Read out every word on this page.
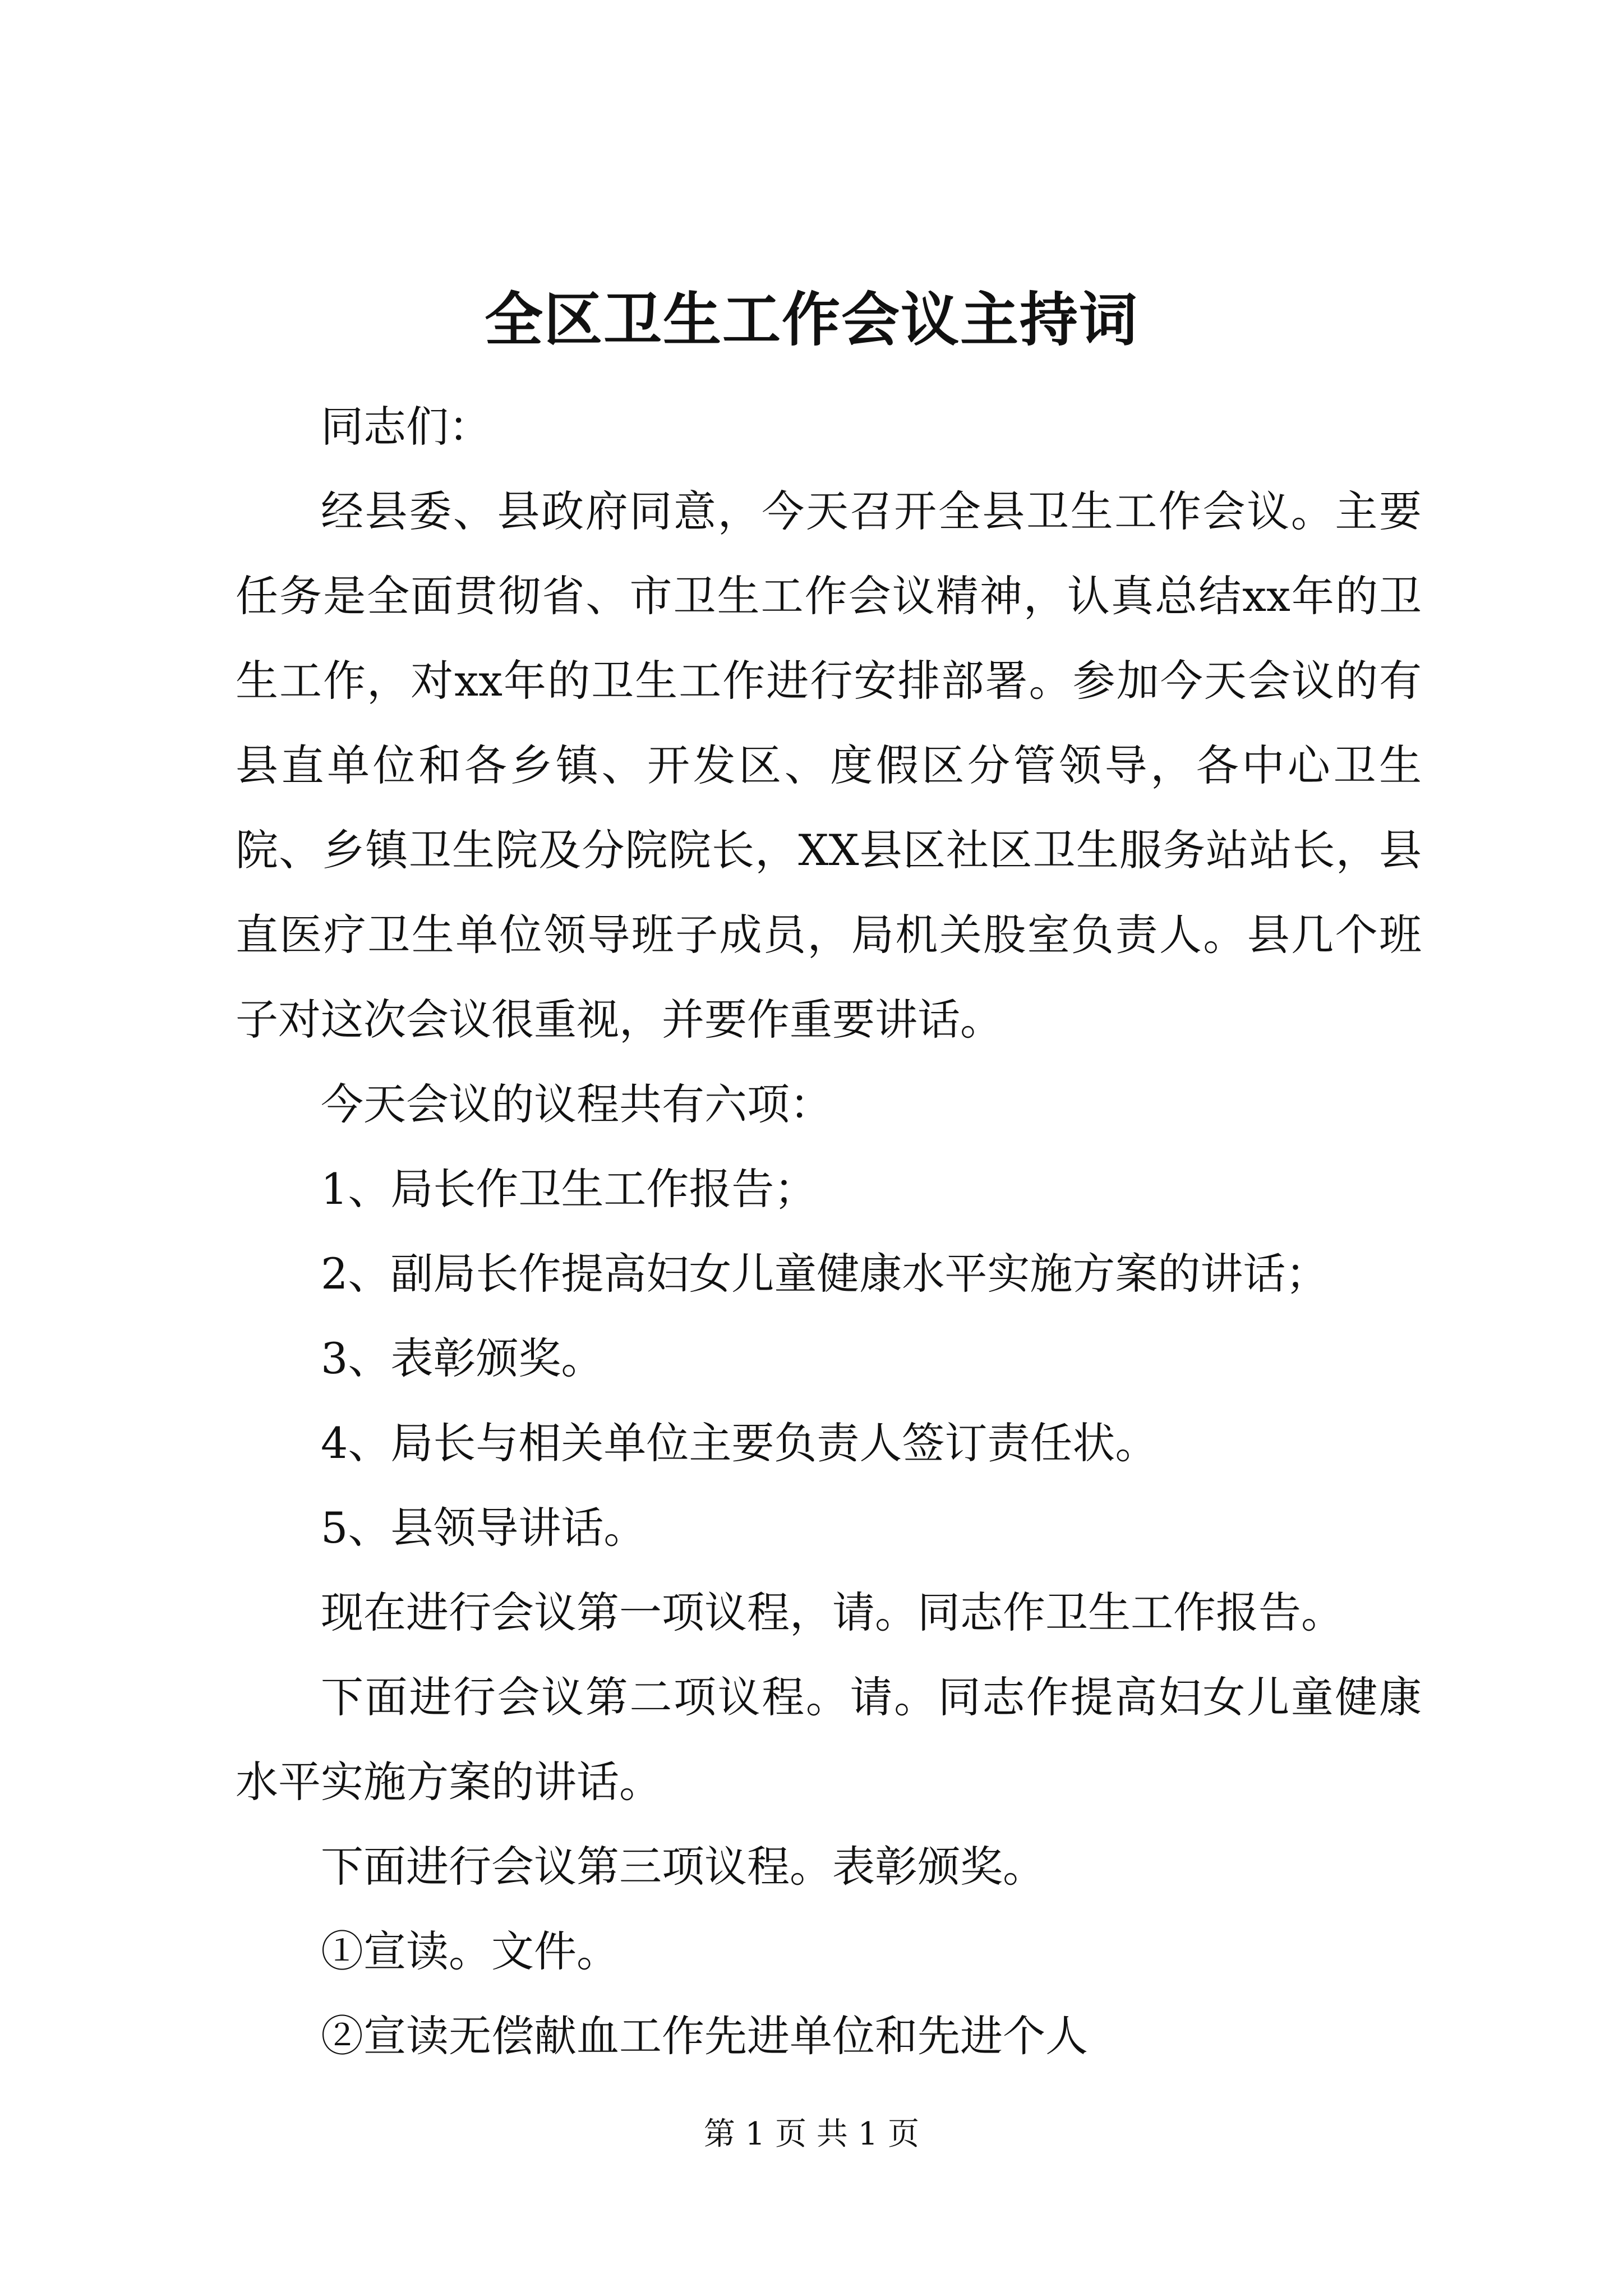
全区卫生工作会议主持词

同志们：

经县委、县政府同意，今天召开全县卫生工作会议。主要任务是全面贯彻省、市卫生工作会议精神，认真总结xx年的卫生工作，对xx年的卫生工作进行安排部署。参加今天会议的有县直单位和各乡镇、开发区、度假区分管领导，各中心卫生院、乡镇卫生院及分院院长，XX县区社区卫生服务站站长，县直医疗卫生单位领导班子成员，局机关股室负责人。县几个班子对这次会议很重视，并要作重要讲话。

今天会议的议程共有六项：

1、局长作卫生工作报告；

2、副局长作提高妇女儿童健康水平实施方案的讲话；

3、表彰颁奖。

4、局长与相关单位主要负责人签订责任状。

5、县领导讲话。

现在进行会议第一项议程，请。同志作卫生工作报告。

下面进行会议第二项议程。请。同志作提高妇女儿童健康水平实施方案的讲话。

下面进行会议第三项议程。表彰颁奖。

①宣读。文件。

②宣读无偿献血工作先进单位和先进个人

第 1 页 共 1 页
